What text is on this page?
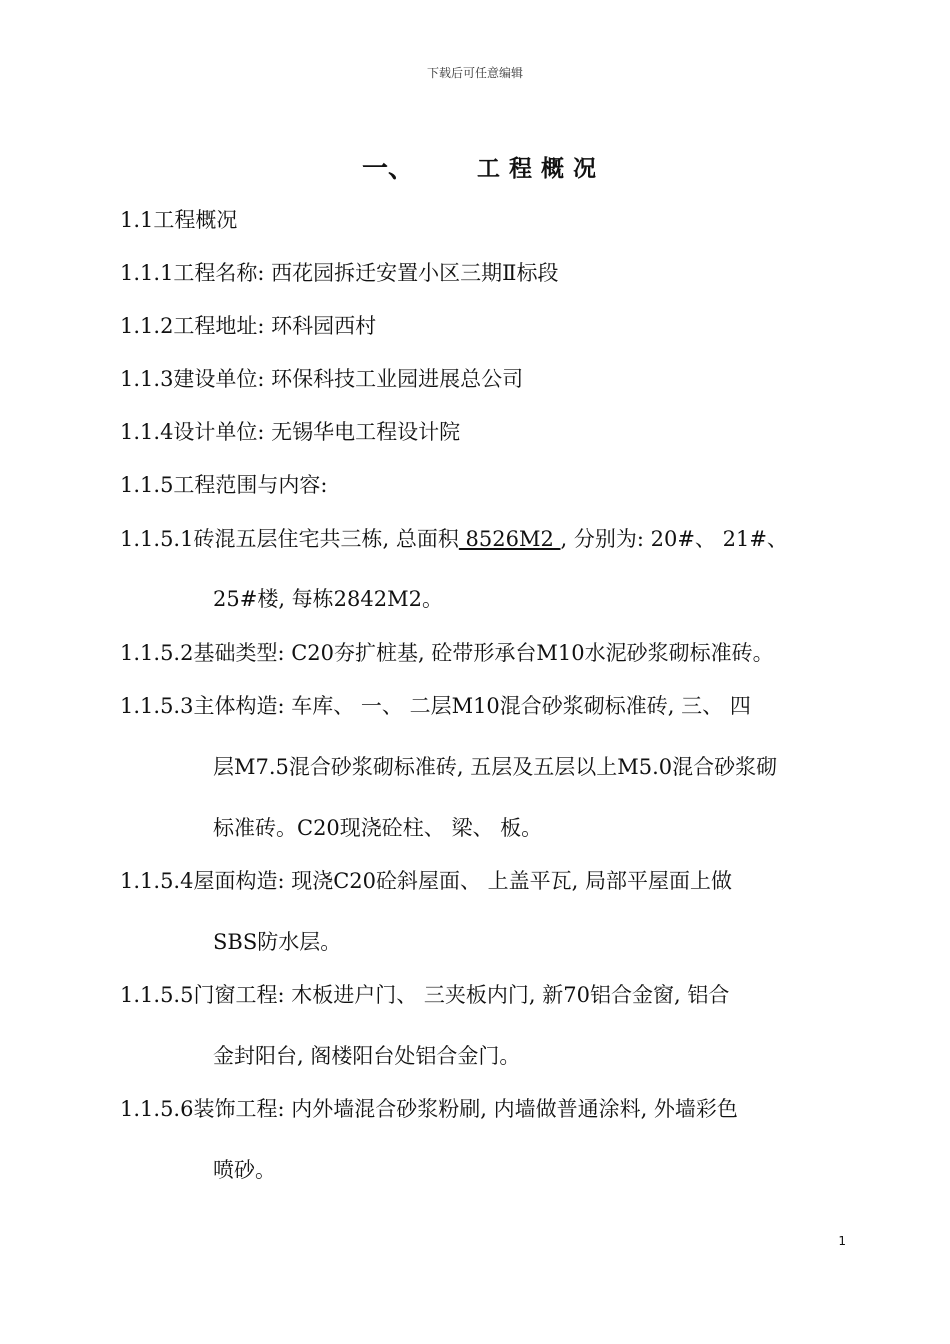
下载后可任意编辑
一、	工程概况
1.1工程概况
1.1.1工程名称: 西花园拆迁安置小区三期Ⅱ标段
1.1.2工程地址: 环科园西村
1.1.3建设单位: 环保科技工业园进展总公司
1.1.4设计单位: 无锡华电工程设计院
1.1.5工程范围与内容:
1.1.5.1砖混五层住宅共三栋, 总面积 8526M2 , 分别为: 20#、 21#、
25#楼, 每栋2842M2。
1.1.5.2基础类型: C20夯扩桩基, 砼带形承台M10水泥砂浆砌标准砖。
1.1.5.3主体构造: 车库、 一、 二层M10混合砂浆砌标准砖, 三、 四
层M7.5混合砂浆砌标准砖, 五层及五层以上M5.0混合砂浆砌
标准砖。C20现浇砼柱、 梁、 板。
1.1.5.4屋面构造: 现浇C20砼斜屋面、 上盖平瓦, 局部平屋面上做
SBS防水层。
1.1.5.5门窗工程: 木板进户门、 三夹板内门, 新70铝合金窗, 铝合
金封阳台, 阁楼阳台处铝合金门。
1.1.5.6装饰工程: 内外墙混合砂浆粉刷, 内墙做普通涂料, 外墙彩色
喷砂。
1
